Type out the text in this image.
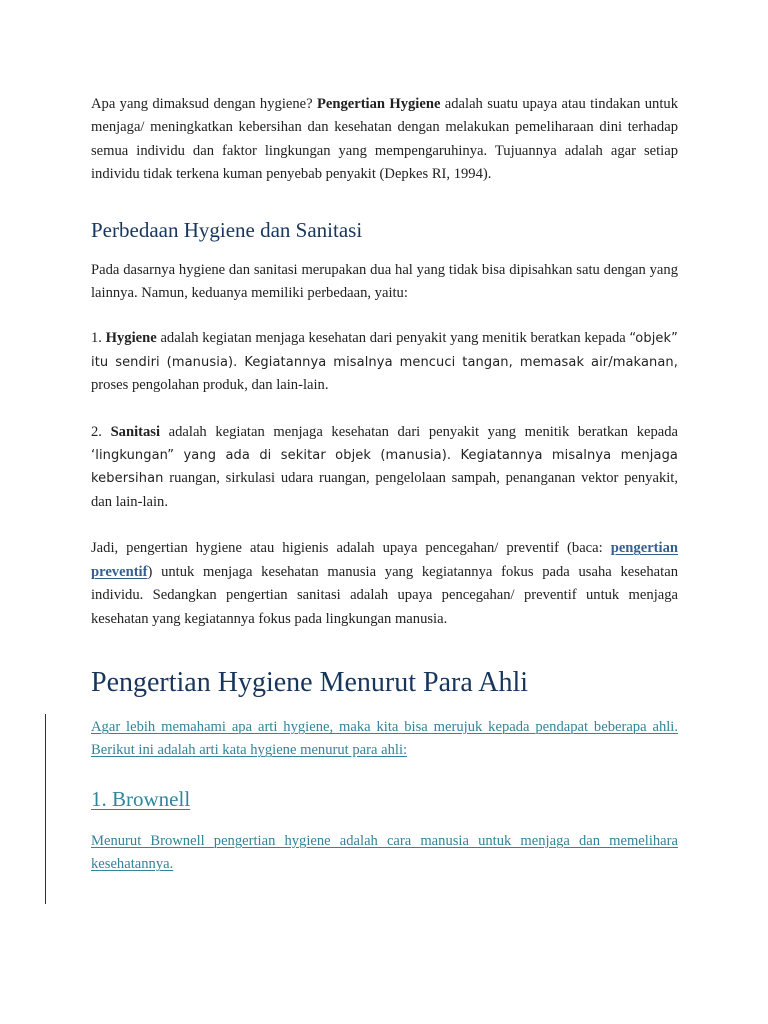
Apa yang dimaksud dengan hygiene? Pengertian Hygiene adalah suatu upaya atau tindakan untuk menjaga/ meningkatkan kebersihan dan kesehatan dengan melakukan pemeliharaan dini terhadap semua individu dan faktor lingkungan yang mempengaruhinya. Tujuannya adalah agar setiap individu tidak terkena kuman penyebab penyakit (Depkes RI, 1994).

Perbedaan Hygiene dan Sanitasi

Pada dasarnya hygiene dan sanitasi merupakan dua hal yang tidak bisa dipisahkan satu dengan yang lainnya. Namun, keduanya memiliki perbedaan, yaitu:

1. Hygiene adalah kegiatan menjaga kesehatan dari penyakit yang menitik beratkan kepada “objek” itu sendiri (manusia). Kegiatannya misalnya mencuci tangan, memasak air/makanan, proses pengolahan produk, dan lain-lain.

2. Sanitasi adalah kegiatan menjaga kesehatan dari penyakit yang menitik beratkan kepada ‘lingkungan” yang ada di sekitar objek (manusia). Kegiatannya misalnya menjaga kebersihan ruangan, sirkulasi udara ruangan, pengelolaan sampah, penanganan vektor penyakit, dan lain-lain.

Jadi, pengertian hygiene atau higienis adalah upaya pencegahan/ preventif (baca: pengertian preventif) untuk menjaga kesehatan manusia yang kegiatannya fokus pada usaha kesehatan individu. Sedangkan pengertian sanitasi adalah upaya pencegahan/ preventif untuk menjaga kesehatan yang kegiatannya fokus pada lingkungan manusia.

Pengertian Hygiene Menurut Para Ahli

Agar lebih memahami apa arti hygiene, maka kita bisa merujuk kepada pendapat beberapa ahli. Berikut ini adalah arti kata hygiene menurut para ahli:

1. Brownell

Menurut Brownell pengertian hygiene adalah cara manusia untuk menjaga dan memelihara kesehatannya.
